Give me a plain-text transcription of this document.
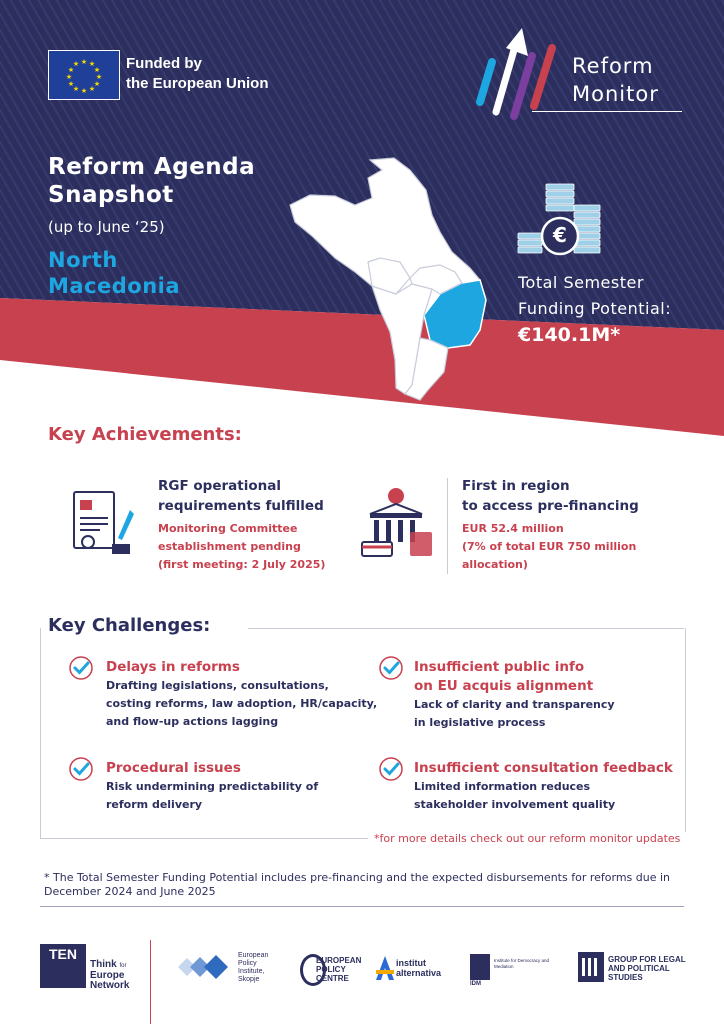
★ ★
★
★
★
★
★
★
★
★
★
★	Funded by
the European Union
Reform
Monitor
Reform Agenda
Snapshot
(up to June ‘25)
North
Macedonia
€
Total Semester
Funding Potential:
€140.1M*
Key Achievements:
RGF operational
requirements fulfilled
Monitoring Committee
establishment pending
(first meeting: 2 July 2025)
First in region
to access pre-financing
EUR 52.4 million
(7% of total EUR 750 million
allocation)
Key Challenges:
Delays in reforms
Drafting legislations, consultations,
costing reforms, law adoption, HR/capacity,
and flow-up actions lagging
Insufficient public info
on EU acquis alignment
Lack of clarity and transparency
in legislative process
Procedural issues
Risk undermining predictability of
reform delivery
Insufficient consultation feedback
Limited information reduces
stakeholder involvement quality
*for more details check out our reform monitor updates
* The Total Semester Funding Potential includes pre-financing and the expected disbursements for reforms due in December 2024 and June 2025
TEN
Think for
Europe
Network
European
Policy
Institute,
Skopje
EUROPEAN
POLICY
CENTRE
institut
alternativa
IDM
Institute for Democracy and Mediation
GROUP FOR LEGAL
AND POLITICAL
STUDIES
